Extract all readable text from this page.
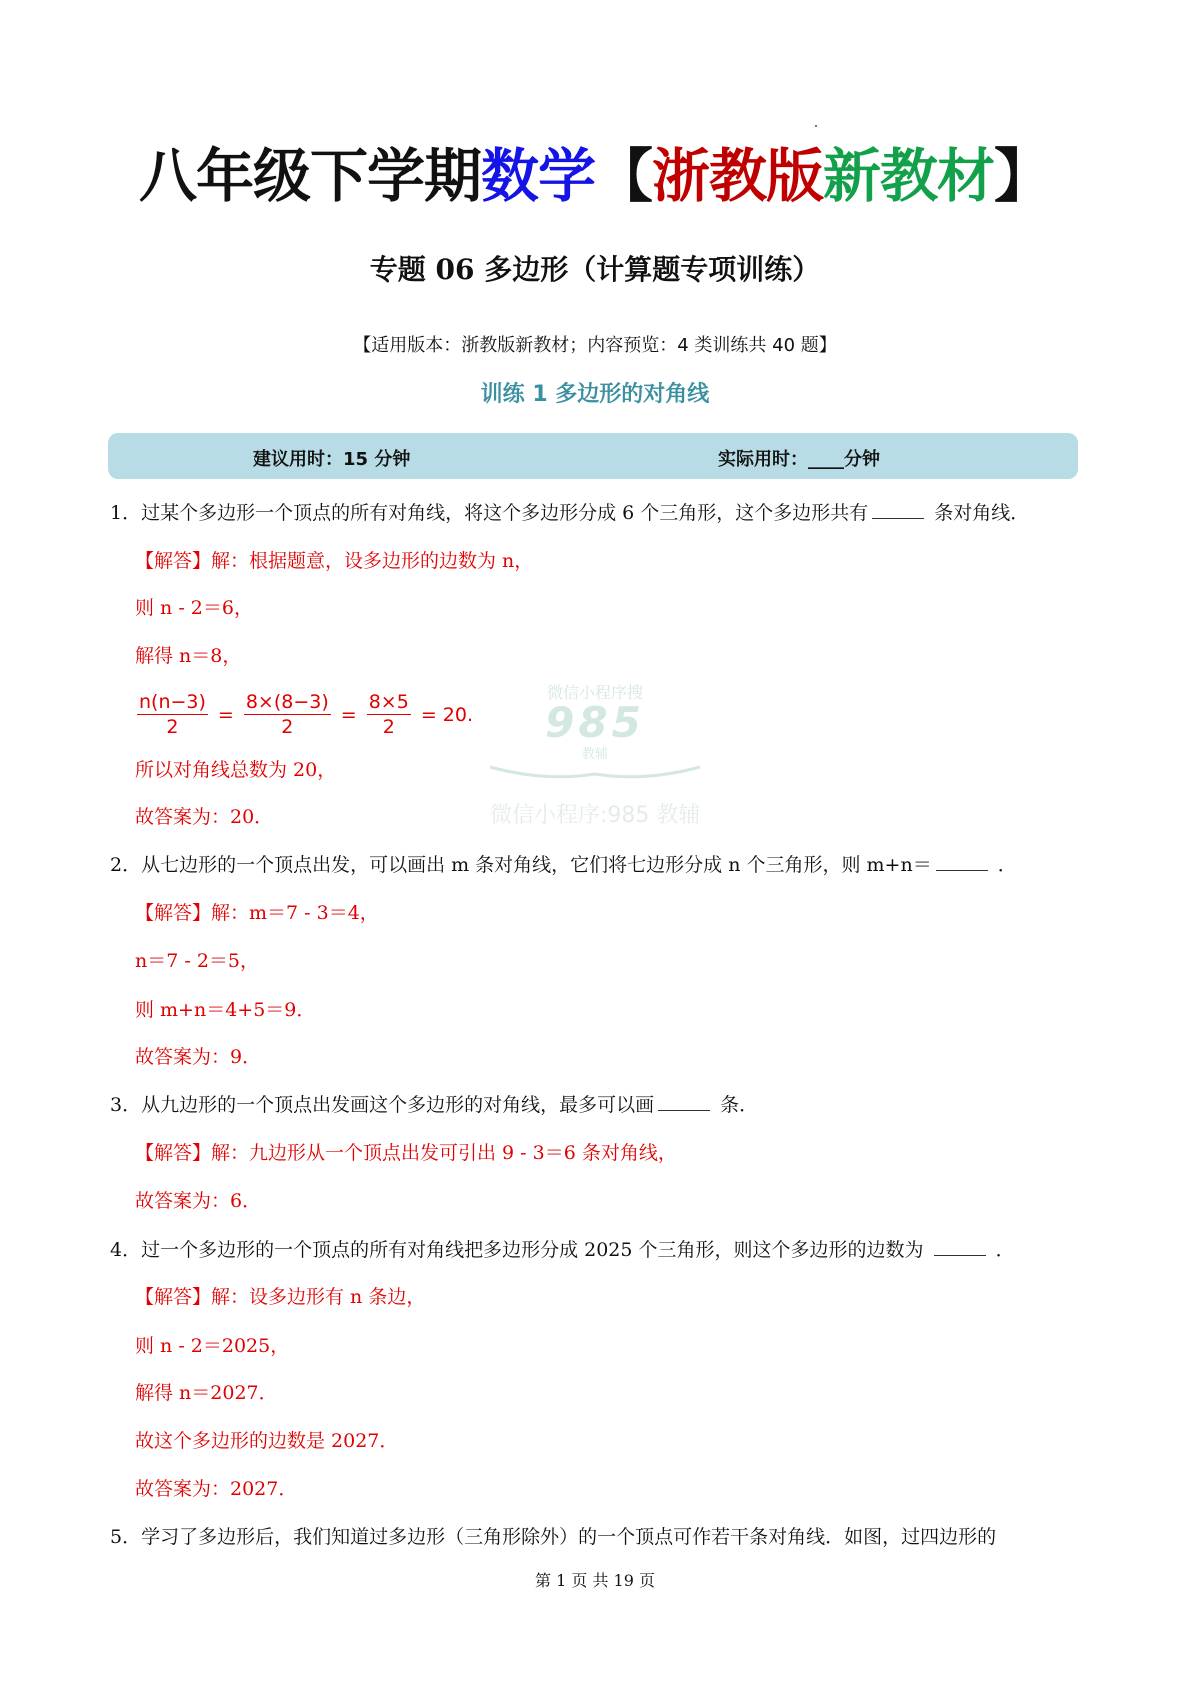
八年级下学期数学【浙教版新教材】
专题 06 多边形（计算题专项训练）
【适用版本：浙教版新教材；内容预览：4 类训练共 40 题】
训练 1 多边形的对角线
建议用时：15 分钟	实际用时：____分钟
微信小程序搜
985
教辅
微信小程序:985 教辅
1．过某个多边形一个顶点的所有对角线，将这个多边形分成 6 个三角形，这个多边形共有	条对角线．
【解答】解：根据题意，设多边形的边数为 n，
则 n - 2＝6，
解得 n＝8，
$\frac{n(n-3)}{2} = \frac{8\times(8-3)}{2} = \frac{8\times 5}{2} = 20$.
所以对角线总数为 20，
故答案为：20．
2．从七边形的一个顶点出发，可以画出 m 条对角线，它们将七边形分成 n 个三角形，则 m+n＝	．
【解答】解：m＝7 - 3＝4，
n＝7 - 2＝5，
则 m+n＝4+5＝9．
故答案为：9．
3．从九边形的一个顶点出发画这个多边形的对角线，最多可以画	条．
【解答】解：九边形从一个顶点出发可引出 9 - 3＝6 条对角线，
故答案为：6．
4．过一个多边形的一个顶点的所有对角线把多边形分成 2025 个三角形，则这个多边形的边数为	．
【解答】解：设多边形有 n 条边，
则 n - 2＝2025，
解得 n＝2027．
故这个多边形的边数是 2027．
故答案为：2027．
5．学习了多边形后，我们知道过多边形（三角形除外）的一个顶点可作若干条对角线．如图，过四边形的
第 1 页 共 19 页
